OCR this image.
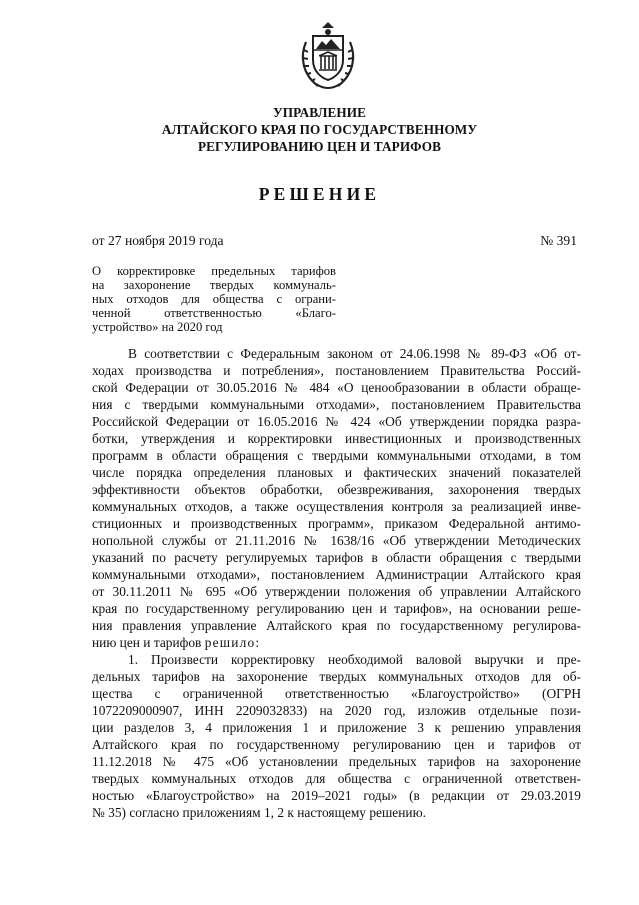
УПРАВЛЕНИЕ
АЛТАЙСКОГО КРАЯ ПО ГОСУДАРСТВЕННОМУ
РЕГУЛИРОВАНИЮ ЦЕН И ТАРИФОВ
РЕШЕНИЕ
от 27 ноября 2019 года	№ 391
О корректировке предельных тарифов
на захоронение твердых коммуналь-
ных отходов для общества с ограни-
ченной ответственностью «Благо-
устройство» на 2020 год
В соответствии с Федеральным законом от 24.06.1998 № 89-ФЗ «Об от-
ходах производства и потребления», постановлением Правительства Россий-
ской Федерации от 30.05.2016 № 484 «О ценообразовании в области обраще-
ния с твердыми коммунальными отходами», постановлением Правительства
Российской Федерации от 16.05.2016 № 424 «Об утверждении порядка разра-
ботки, утверждения и корректировки инвестиционных и производственных
программ в области обращения с твердыми коммунальными отходами, в том
числе порядка определения плановых и фактических значений показателей
эффективности объектов обработки, обезвреживания, захоронения твердых
коммунальных отходов, а также осуществления контроля за реализацией инве-
стиционных и производственных программ», приказом Федеральной антимо-
нопольной службы от 21.11.2016 № 1638/16 «Об утверждении Методических
указаний по расчету регулируемых тарифов в области обращения с твердыми
коммунальными отходами», постановлением Администрации Алтайского края
от 30.11.2011 № 695 «Об утверждении положения об управлении Алтайского
края по государственному регулированию цен и тарифов», на основании реше-
ния правления управление Алтайского края по государственному регулирова-
нию цен и тарифов решило:
1. Произвести корректировку необходимой валовой выручки и пре-
дельных тарифов на захоронение твердых коммунальных отходов для об-
щества с ограниченной ответственностью «Благоустройство» (ОГРН
1072209000907, ИНН 2209032833) на 2020 год, изложив отдельные пози-
ции разделов 3, 4 приложения 1 и приложение 3 к решению управления
Алтайского края по государственному регулированию цен и тарифов от
11.12.2018 № 475 «Об установлении предельных тарифов на захоронение
твердых коммунальных отходов для общества с ограниченной ответствен-
ностью «Благоустройство» на 2019–2021 годы» (в редакции от 29.03.2019
№ 35) согласно приложениям 1, 2 к настоящему решению.
